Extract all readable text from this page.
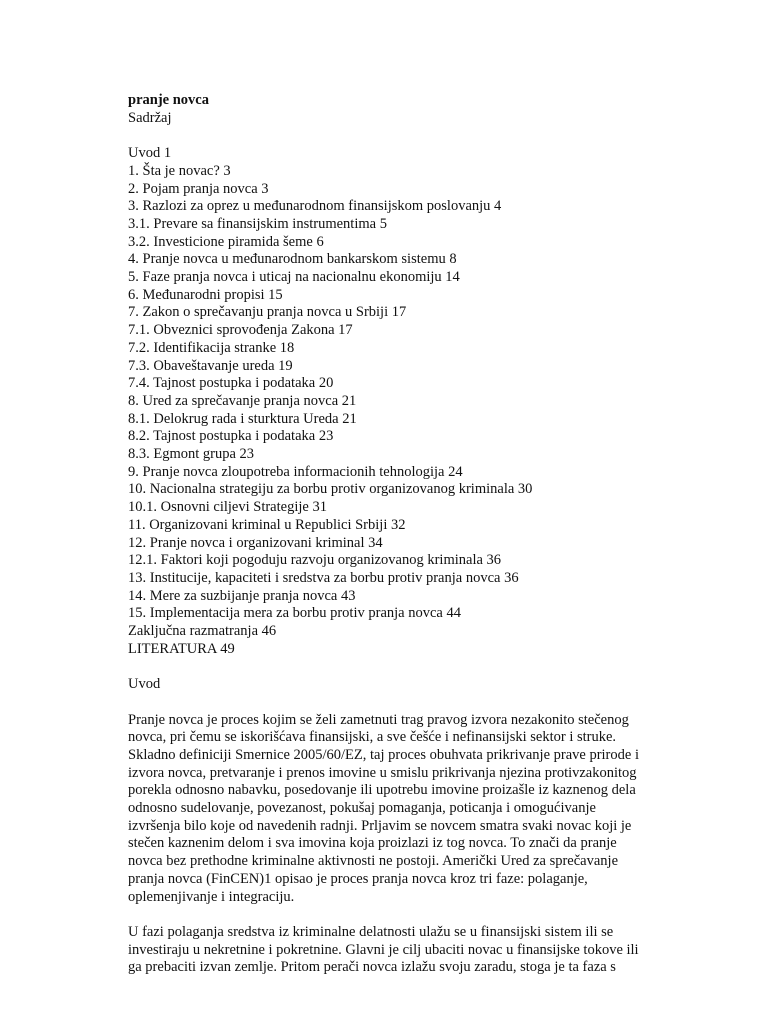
pranje novca
Sadržaj
Uvod 1
1. Šta je novac? 3
2. Pojam pranja novca 3
3. Razlozi za oprez u međunarodnom finansijskom poslovanju 4
3.1. Prevare sa finansijskim instrumentima 5
3.2. Investicione piramida šeme 6
4. Pranje novca u međunarodnom bankarskom sistemu 8
5. Faze pranja novca i uticaj na nacionalnu ekonomiju 14
6. Međunarodni propisi 15
7. Zakon o sprečavanju pranja novca u Srbiji 17
7.1. Obveznici sprovođenja Zakona 17
7.2. Identifikacija stranke 18
7.3. Obaveštavanje ureda 19
7.4. Tajnost postupka i podataka 20
8. Ured za sprečavanje pranja novca 21
8.1. Delokrug rada i sturktura Ureda 21
8.2. Tajnost postupka i podataka 23
8.3. Egmont grupa 23
9. Pranje novca zloupotreba informacionih tehnologija 24
10. Nacionalna strategiju za borbu protiv organizovanog kriminala 30
10.1. Osnovni ciljevi Strategije 31
11. Organizovani kriminal u Republici Srbiji 32
12. Pranje novca i organizovani kriminal 34
12.1. Faktori koji pogoduju razvoju organizovanog kriminala 36
13. Institucije, kapaciteti i sredstva za borbu protiv pranja novca 36
14. Mere za suzbijanje pranja novca 43
15. Implementacija mera za borbu protiv pranja novca 44
Zaključna razmatranja 46
LITERATURA 49
Uvod
Pranje novca je proces kojim se želi zametnuti trag pravog izvora nezakonito stečenog
novca, pri čemu se iskorišćava finansijski, a sve češće i nefinansijski sektor i struke.
Skladno definiciji Smernice 2005/60/EZ, taj proces obuhvata prikrivanje prave prirode i
izvora novca, pretvaranje i prenos imovine u smislu prikrivanja njezina protivzakonitog
porekla odnosno nabavku, posedovanje ili upotrebu imovine proizašle iz kaznenog dela
odnosno sudelovanje, povezanost, pokušaj pomaganja, poticanja i omogućivanje
izvršenja bilo koje od navedenih radnji. Prljavim se novcem smatra svaki novac koji je
stečen kaznenim delom i sva imovina koja proizlazi iz tog novca. To znači da pranje
novca bez prethodne kriminalne aktivnosti ne postoji. Američki Ured za sprečavanje
pranja novca (FinCEN)1 opisao je proces pranja novca kroz tri faze: polaganje,
oplemenjivanje i integraciju.
U fazi polaganja sredstva iz kriminalne delatnosti ulažu se u finansijski sistem ili se
investiraju u nekretnine i pokretnine. Glavni je cilj ubaciti novac u finansijske tokove ili
ga prebaciti izvan zemlje. Pritom perači novca izlažu svoju zaradu, stoga je ta faza s
